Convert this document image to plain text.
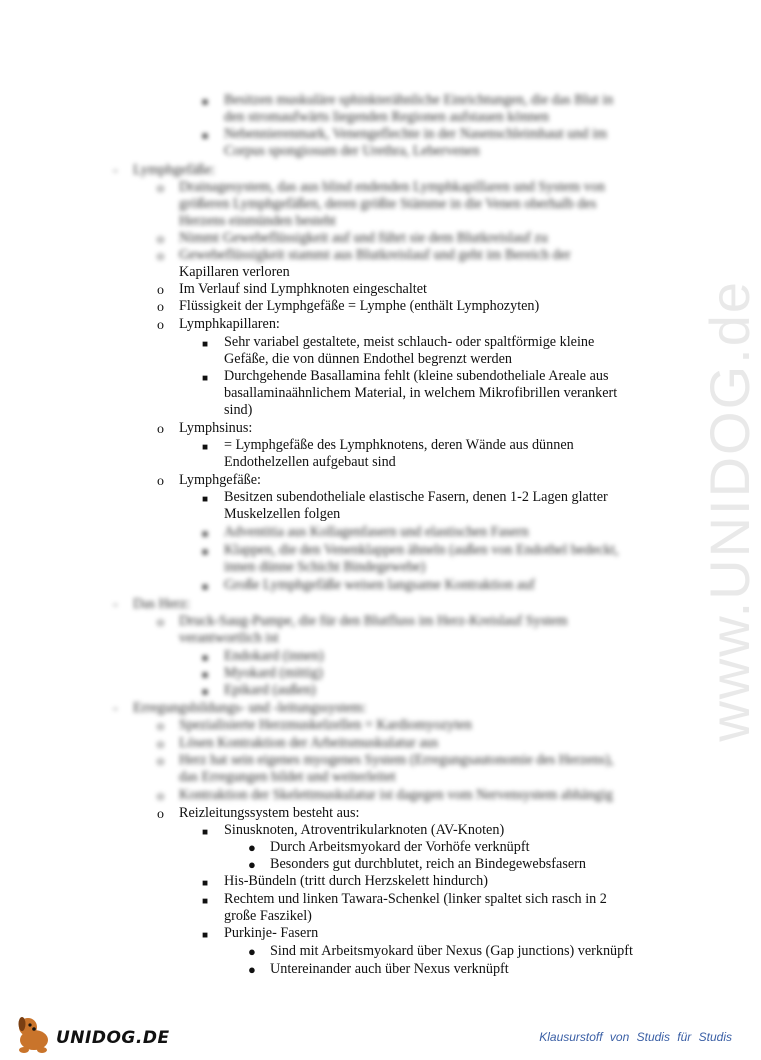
www.UNIDOG.de
■ Besitzen muskuläre sphinkterähnliche Einrichtungen, die das Blut in
den stromaufwärts liegenden Regionen aufstauen können
■ Nebennierenmark, Venengeflechte in der Nasenschleimhaut und im
Corpus spongiosum der Urethra, Lebervenen
- Lymphgefäße:
o Drainagesystem, das aus blind endenden Lymphkapillaren und System von
größeren Lymphgefäßen, deren größte Stämme in die Venen oberhalb des
Herzens einmünden besteht
o Nimmt Gewebeflüssigkeit auf und führt sie dem Blutkreislauf zu
o Gewebeflüssigkeit stammt aus Blutkreislauf und geht im Bereich der
Kapillaren verloren
o Im Verlauf sind Lymphknoten eingeschaltet
o Flüssigkeit der Lymphgefäße = Lymphe (enthält Lymphozyten)
o Lymphkapillaren:
■ Sehr variabel gestaltete, meist schlauch- oder spaltförmige kleine
Gefäße, die von dünnen Endothel begrenzt werden
■ Durchgehende Basallamina fehlt (kleine subendotheliale Areale aus
basallaminaähnlichem Material, in welchem Mikrofibrillen verankert
sind)
o Lymphsinus:
■ = Lymphgefäße des Lymphknotens, deren Wände aus dünnen
Endothelzellen aufgebaut sind
o Lymphgefäße:
■ Besitzen subendotheliale elastische Fasern, denen 1-2 Lagen glatter
Muskelzellen folgen
■ Adventitia aus Kollagenfasern und elastischen Fasern
■ Klappen, die den Venenklappen ähneln (außen von Endothel bedeckt,
innen dünne Schicht Bindegewebe)
■ Große Lymphgefäße weisen langsame Kontraktion auf
- Das Herz:
o Druck-Saug-Pumpe, die für den Blutfluss im Herz-Kreislauf System
verantwortlich ist
■ Endokard (innen)
■ Myokard (mittig)
■ Epikard (außen)
- Erregungsbildungs- und -leitungssystem:
o Spezialisierte Herzmuskelzellen = Kardiomyozyten
o Lösen Kontraktion der Arbeitsmuskulatur aus
o Herz hat sein eigenes myogenes System (Erregungsautonomie des Herzens),
das Erregungen bildet und weiterleitet
o Kontraktion der Skelettmuskulatur ist dagegen vom Nervensystem abhängig
o Reizleitungssystem besteht aus:
■ Sinusknoten, Atroventrikularknoten (AV-Knoten)
● Durch Arbeitsmyokard der Vorhöfe verknüpft
● Besonders gut durchblutet, reich an Bindegewebsfasern
■ His-Bündeln (tritt durch Herzskelett hindurch)
■ Rechtem und linken Tawara-Schenkel (linker spaltet sich rasch in 2
große Faszikel)
■ Purkinje- Fasern
● Sind mit Arbeitsmyokard über Nexus (Gap junctions) verknüpft
● Untereinander auch über Nexus verknüpft
UNIDOG.DE	Klausurstoff von Studis für Studis
